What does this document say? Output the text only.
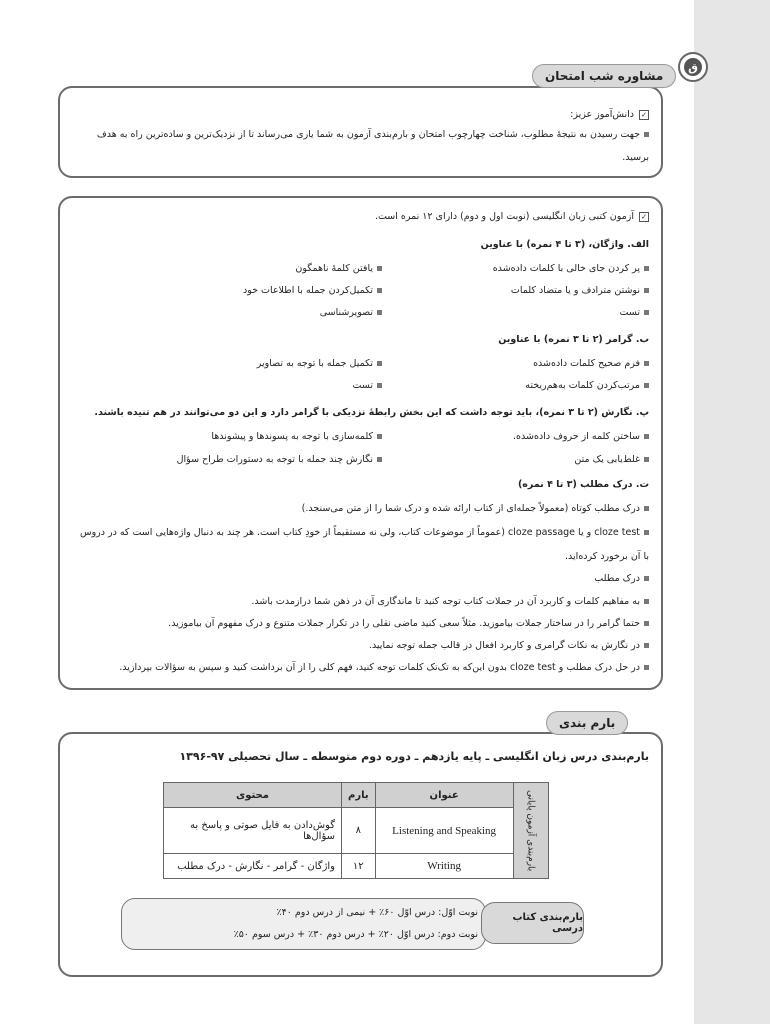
ق
مشاوره شب امتحان
✓دانش‌آموز عزیز:
جهت رسیدن به نتیجهٔ مطلوب، شناخت چهارچوب امتحان و بارم‌بندی آزمون به شما یاری می‌رساند تا از نزدیک‌ترین و ساده‌ترین راه به هدف
برسید.
✓آزمون کتبی زبان انگلیسی (نوبت اول و دوم) دارای ۱۲ نمره است.
الف. واژگان، (۳ تا ۴ نمره) با عناوین
پر کردن جای خالی با کلمات داده‌شده
یافتن کلمهٔ ناهمگون
نوشتن مترادف و یا متضاد کلمات
تکمیل‌کردن جمله با اطلاعات خود
تست
تصویرشناسی
ب. گرامر (۲ تا ۳ نمره) با عناوین
فرم صحیح کلمات داده‌شده
تکمیل جمله با توجه به تصاویر
مرتب‌کردن کلمات به‌هم‌ریخته
تست
پ. نگارش (۲ تا ۳ نمره)، باید توجه داشت که این بخش رابطهٔ نزدیکی با گرامر دارد و این دو می‌توانند در هم تنیده باشند.
ساختن کلمه از حروف داده‌شده.
کلمه‌سازی با توجه به پسوندها و پیشوندها
غلط‌یابی یک متن
نگارش چند جمله با توجه به دستورات طراح سؤال
ت. درک مطلب (۳ تا ۴ نمره)
درک مطلب کوتاه (معمولاً جمله‌ای از کتاب ارائه شده و درک شما را از متن می‌سنجد.)
cloze test و یا cloze passage (عموماً از موضوعات کتاب، ولی نه مستقیماً از خودِ کتاب است. هر چند به دنبال واژه‌هایی است که در دروس
با آن برخورد کرده‌اید.
درک مطلب
به مفاهیم کلمات و کاربرد آن در جملات کتاب توجه کنید تا ماندگاری آن در ذهن شما درازمدت باشد.
حتما گرامر را در ساختار جملات بیاموزید. مثلاً سعی کنید ماضی نقلی را در تکرار جملات متنوع و درک مفهوم آن بیاموزید.
در نگارش به نکات گرامری و کاربرد افعال در قالب جمله توجه نمایید.
در حل درک مطلب و cloze test بدون این‌که به تک‌تک کلمات توجه کنید، فهم کلی را از آن برداشت کنید و سپس به سؤالات بپردازید.
بارم بندی
بارم‌بندی درس زبان انگلیسی ـ پایه یازدهم ـ دوره دوم متوسطه ـ سال تحصیلی ۹۷-۱۳۹۶
بارم‌بندی آزمون پایانی	عنوان	بارم	محتوی
	Listening and Speaking	۸	گوش‌دادن به فایل صوتی و پاسخ به سؤال‌ها
	Writing	۱۲	واژگان - گرامر - نگارش - درک مطلب
بارم‌بندی کتاب درسی
نوبت اوّل: درس اوّل ۶۰٪ + نیمی از درس دوم ۴۰٪
نوبت دوم: درس اوّل ۲۰٪ + درس دوم ۳۰٪ + درس سوم ۵۰٪
